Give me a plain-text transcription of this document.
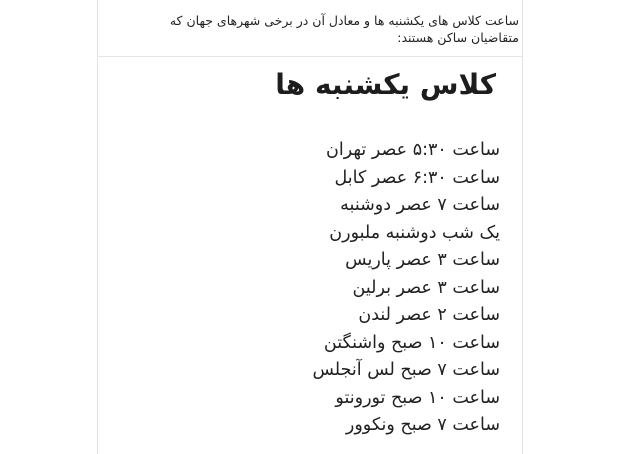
ساعت کلاس های یکشنبه ها و معادل آن در برخی شهرهای جهان که
متقاضیان ساکن هستند:
کلاس یکشنبه ها
ساعت ۵:۳۰ عصر تهران
ساعت ۶:۳۰ عصر کابل
ساعت ۷ عصر دوشنبه
یک شب دوشنبه ملبورن
ساعت ۳ عصر پاریس
ساعت ۳ عصر برلین
ساعت ۲ عصر لندن
ساعت ۱۰ صبح واشنگتن
ساعت ۷ صبح لس آنجلس
ساعت ۱۰ صبح تورونتو
ساعت ۷ صبح ونکوور
